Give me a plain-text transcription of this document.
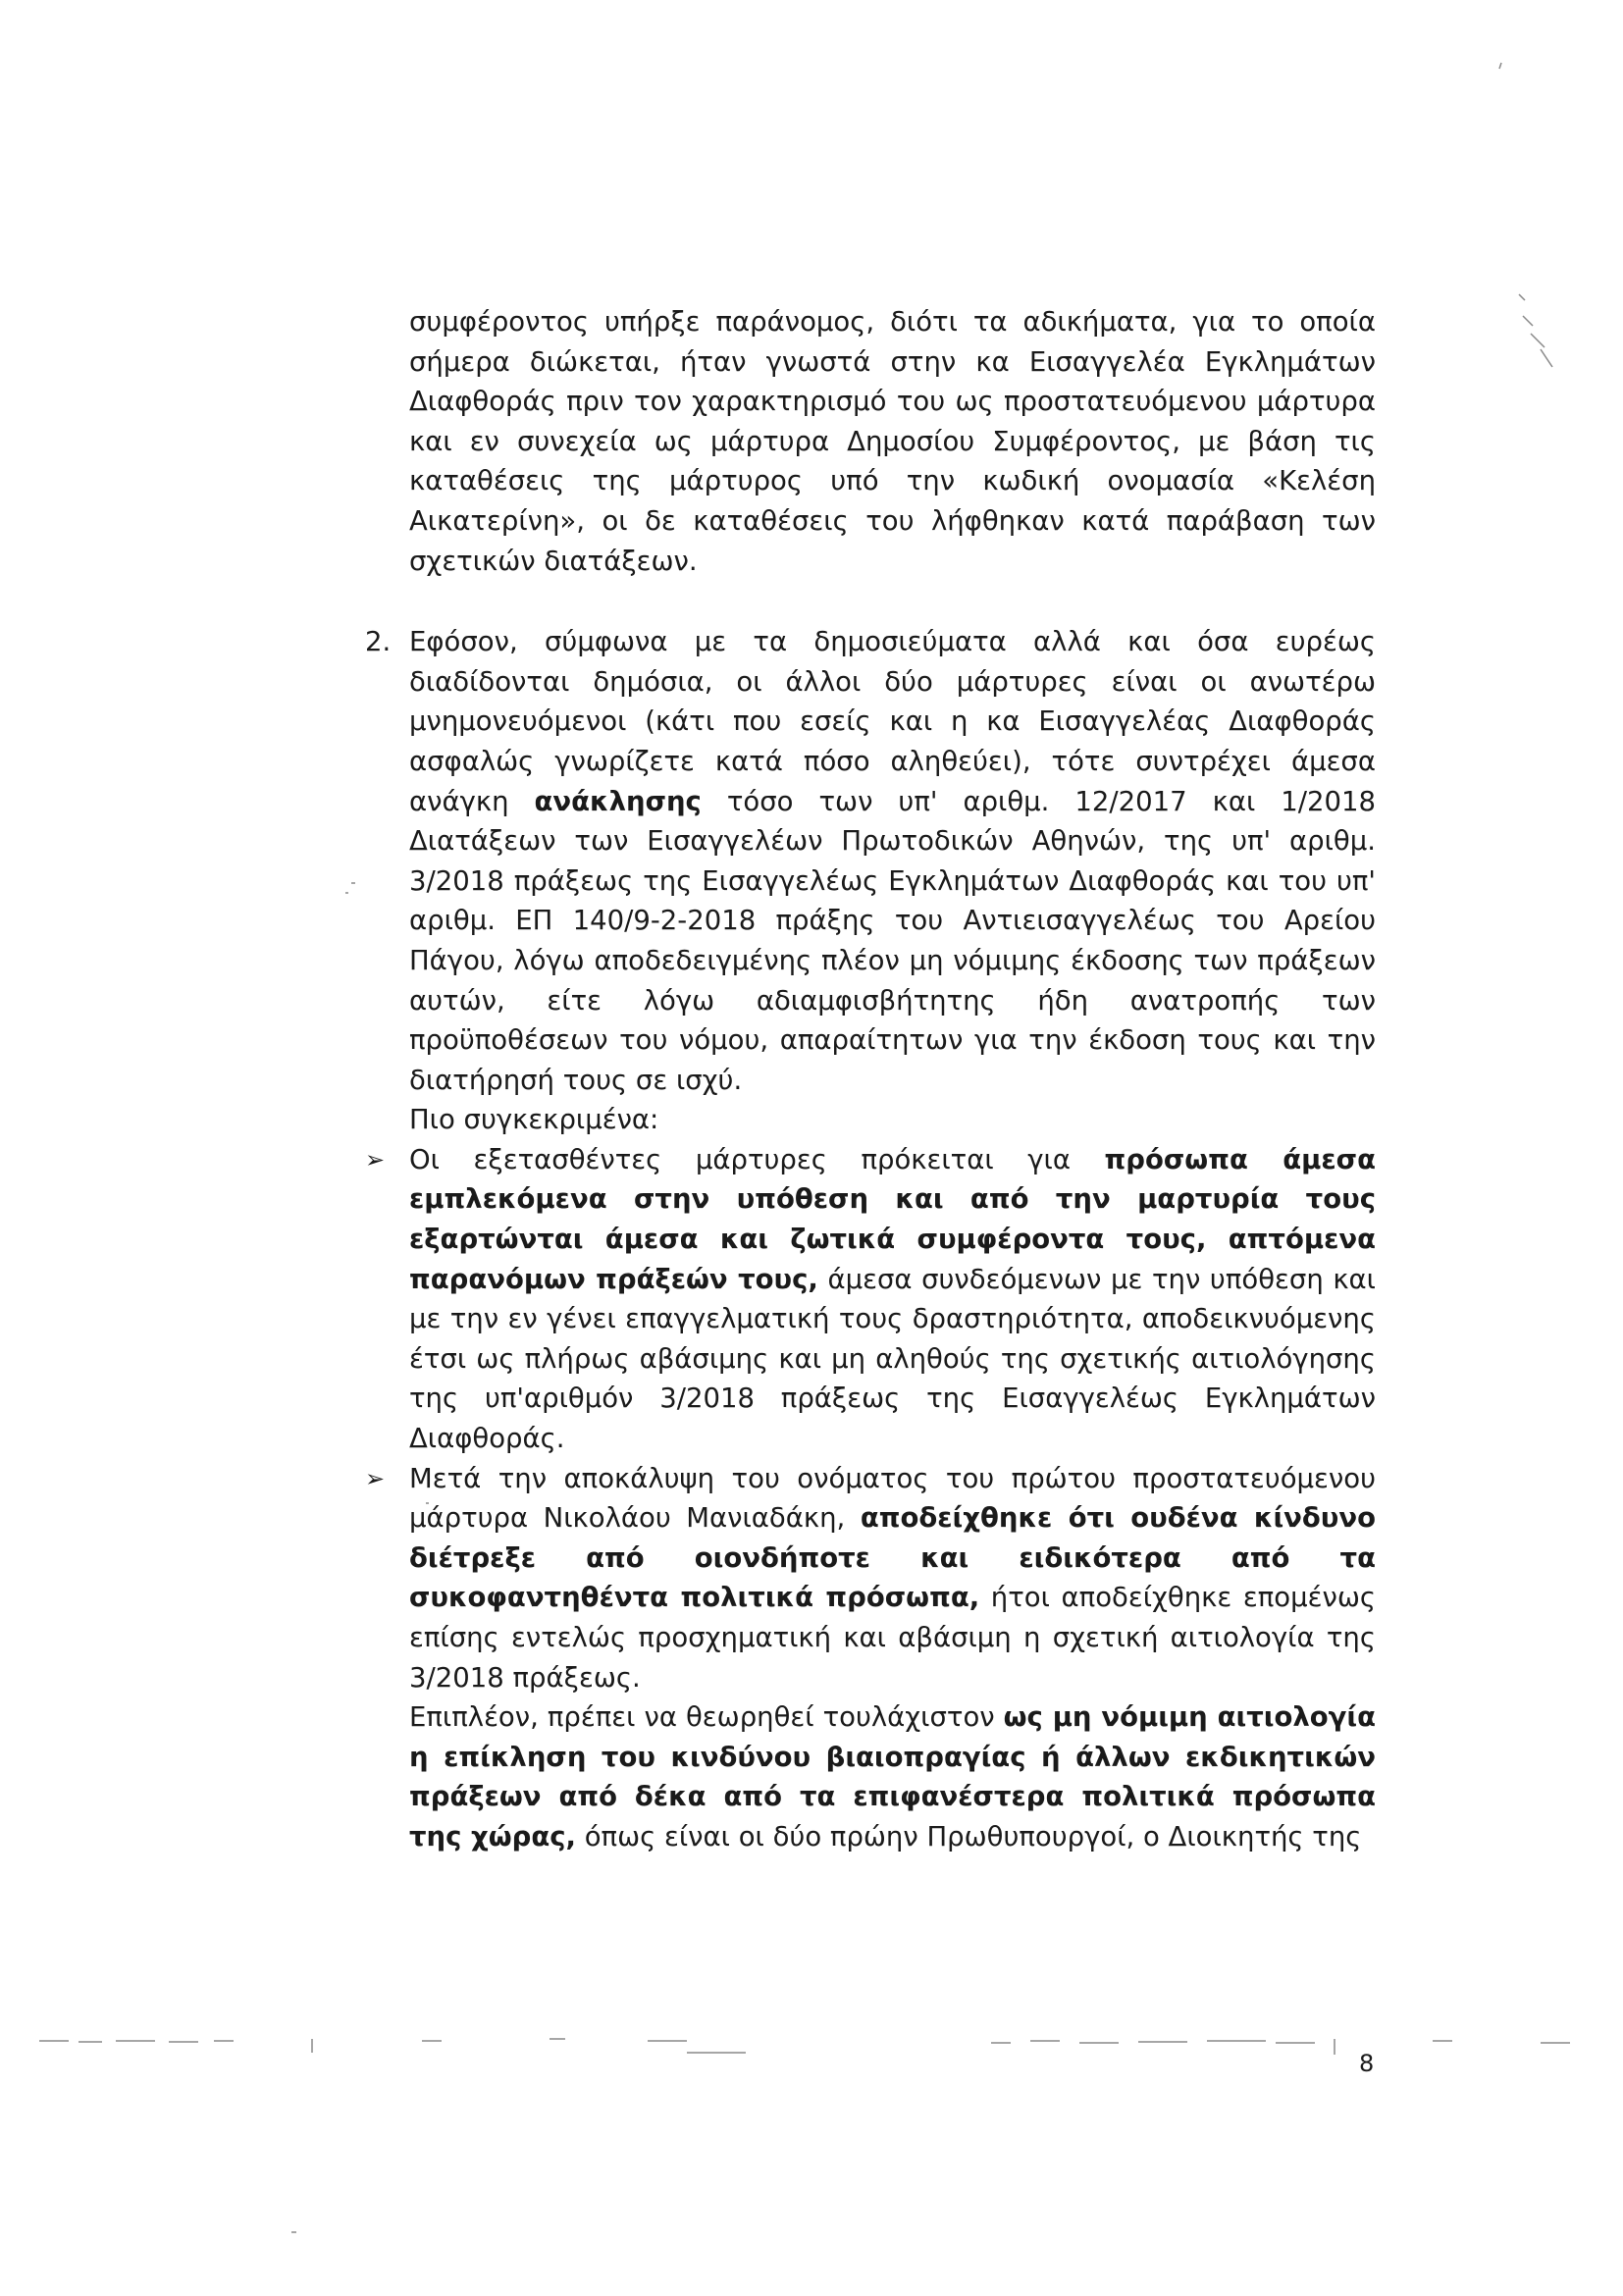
συμφέροντος υπήρξε παράνομος, διότι τα αδικήματα, για το οποία σήμερα διώκεται, ήταν γνωστά στην κα Εισαγγελέα Εγκλημάτων Διαφθοράς πριν τον χαρακτηρισμό του ως προστατευόμενου μάρτυρα και εν συνεχεία ως μάρτυρα Δημοσίου Συμφέροντος, με βάση τις καταθέσεις της μάρτυρος υπό την κωδική ονομασία «Κελέση Αικατερίνη», οι δε καταθέσεις του λήφθηκαν κατά παράβαση των σχετικών διατάξεων.

2. Εφόσον, σύμφωνα με τα δημοσιεύματα αλλά και όσα ευρέως διαδίδονται δημόσια, οι άλλοι δύο μάρτυρες είναι οι ανωτέρω μνημονευόμενοι (κάτι που εσείς και η κα Εισαγγελέας Διαφθοράς ασφαλώς γνωρίζετε κατά πόσο αληθεύει), τότε συντρέχει άμεσα ανάγκη ανάκλησης τόσο των υπ' αριθμ. 12/2017 και 1/2018 Διατάξεων των Εισαγγελέων Πρωτοδικών Αθηνών, της υπ' αριθμ. 3/2018 πράξεως της Εισαγγελέως Εγκλημάτων Διαφθοράς και του υπ' αριθμ. ΕΠ 140/9-2-2018 πράξης του Αντιεισαγγελέως του Αρείου Πάγου, λόγω αποδεδειγμένης πλέον μη νόμιμης έκδοσης των πράξεων αυτών, είτε λόγω αδιαμφισβήτητης ήδη ανατροπής των προϋποθέσεων του νόμου, απαραίτητων για την έκδοση τους και την διατήρησή τους σε ισχύ.

Πιο συγκεκριμένα:

➢ Οι εξετασθέντες μάρτυρες πρόκειται για πρόσωπα άμεσα εμπλεκόμενα στην υπόθεση και από την μαρτυρία τους εξαρτώνται άμεσα και ζωτικά συμφέροντα τους, απτόμενα παρανόμων πράξεών τους, άμεσα συνδεόμενων με την υπόθεση και με την εν γένει επαγγελματική τους δραστηριότητα, αποδεικνυόμενης έτσι ως πλήρως αβάσιμης και μη αληθούς της σχετικής αιτιολόγησης της υπ'αριθμόν 3/2018 πράξεως της Εισαγγελέως Εγκλημάτων Διαφθοράς.
➢ Μετά την αποκάλυψη του ονόματος του πρώτου προστατευόμενου μάρτυρα Νικολάου Μανιαδάκη, αποδείχθηκε ότι ουδένα κίνδυνο διέτρεξε από οιονδήποτε και ειδικότερα από τα συκοφαντηθέντα πολιτικά πρόσωπα, ήτοι αποδείχθηκε επομένως επίσης εντελώς προσχηματική και αβάσιμη η σχετική αιτιολογία της 3/2018 πράξεως.
Επιπλέον, πρέπει να θεωρηθεί τουλάχιστον ως μη νόμιμη αιτιολογία η επίκληση του κινδύνου βιαιοπραγίας ή άλλων εκδικητικών πράξεων από δέκα από τα επιφανέστερα πολιτικά πρόσωπα της χώρας, όπως είναι οι δύο πρώην Πρωθυπουργοί, ο Διοικητής της
8
